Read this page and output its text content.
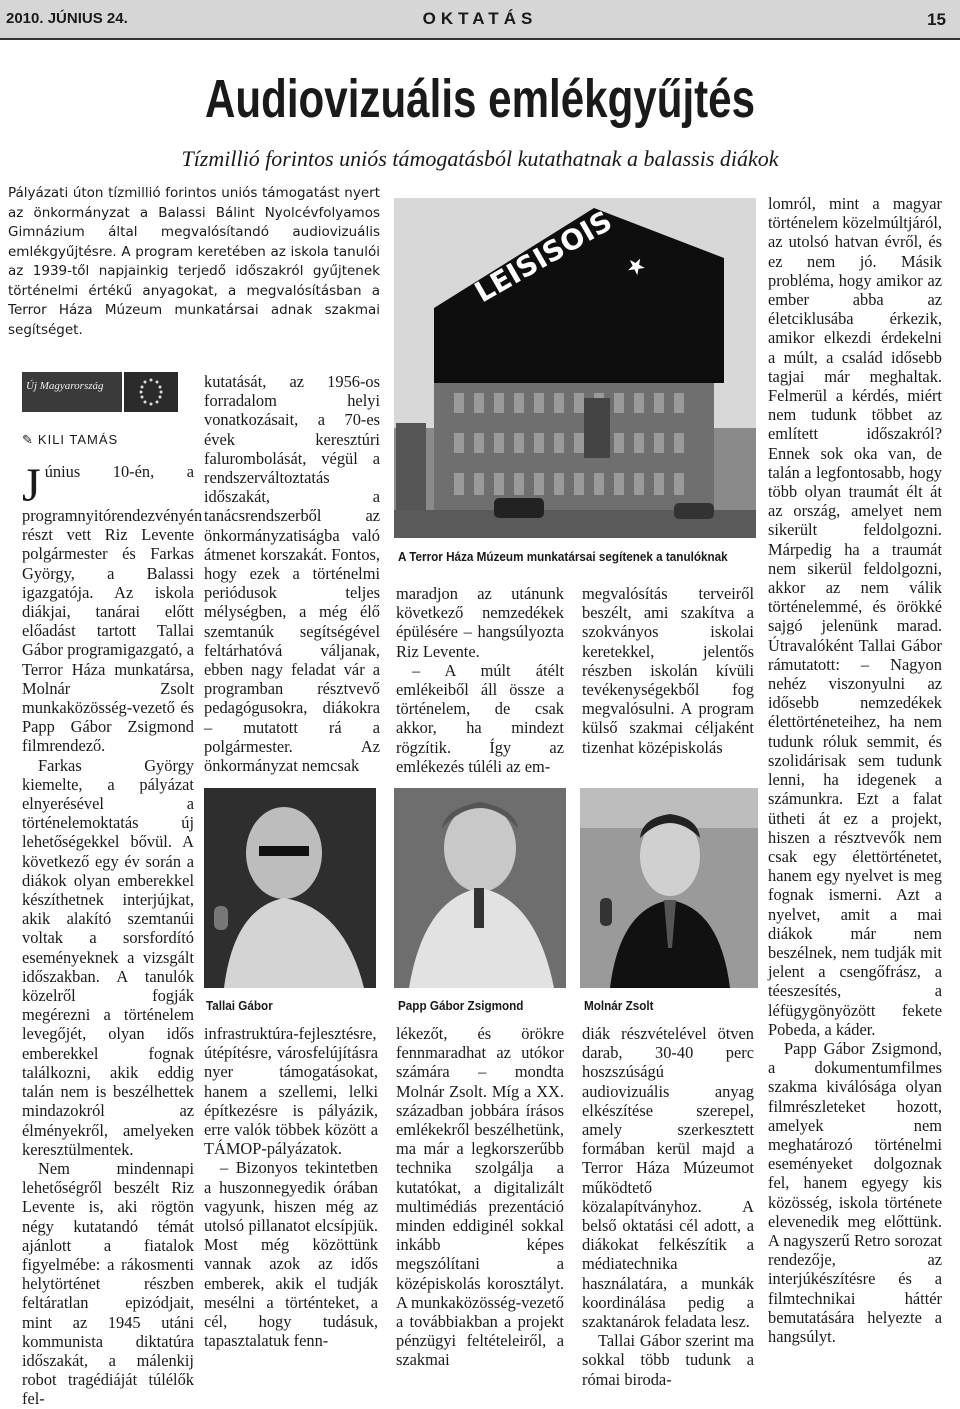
2010. JÚNIUS 24.	OKTATÁS	15
Audiovizuális emlékgyűjtés
Tízmillió forintos uniós támogatásból kutathatnak a balassis diákok
Pályázati úton tízmillió forintos uniós támogatást nyert az önkormányzat a Balassi Bálint Nyolcévfolyamos Gimnázium által megvalósítandó audiovizuális emlékgyűjtésre. A program keretében az iskola tanulói az 1939-től napjainkig terjedő időszakról gyűjtenek történelmi értékű anyagokat, a megvalósításban a Terror Háza Múzeum munkatársai adnak szakmai segítséget.
Új Magyarország
✎ KILI TAMÁS

Június 10-én, a programnyitórendezvényén részt vett Riz Levente polgármester és Farkas György, a Balassi igazgatója. Az iskola diákjai, tanárai előtt előadást tartott Tallai Gábor programigazgató, a Terror Háza munkatársa, Molnár Zsolt munkaközösség-vezető és Papp Gábor Zsigmond filmrendező.

Farkas György kiemelte, a pályázat elnyerésével a történelemoktatás új lehetőségekkel bővül. A következő egy év során a diákok olyan emberekkel készíthetnek interjújkat, akik alakító szemtanúi voltak a sorsfordító eseményeknek a vizsgált időszakban. A tanulók közelről fogják megérezni a történelem levegőjét, olyan idős emberekkel fognak találkozni, akik eddig talán nem is beszélhettek mindazokról az élményekről, amelyeken keresztülmentek.

Nem mindennapi lehetőségről beszélt Riz Levente is, aki rögtön négy kutatandó témát ajánlott a fiatalok figyelmébe: a rákosmenti helytörténet részben feltáratlan epizódjait, mint az 1945 utáni kommunista diktatúra időszakát, a málenkij robot tragédiáját túlélők fel-

kutatását, az 1956-os forradalom helyi vonatkozásait, a 70-es évek keresztúri falurombolását, végül a rendszerváltoztatás időszakát, a tanácsrendszerből az önkormányzatiságba való átmenet korszakát. Fontos, hogy ezek a történelmi periódusok teljes mélységben, a még élő szemtanúk segítségével feltárhatóvá váljanak, ebben nagy feladat vár a programban résztvevő pedagógusokra, diákokra – mutatott rá a polgármester. Az önkormányzat nemcsak

LEISISOIS ★
A Terror Háza Múzeum munkatársai segítenek a tanulóknak

maradjon az utánunk következő nemzedékek épülésére – hangsúlyozta Riz Levente.

– A múlt átélt emlékeiből áll össze a történelem, de csak akkor, ha mindezt rögzítik. Így az emlékezés túléli az em-

megvalósítás terveiről beszélt, ami szakítva a szokványos iskolai keretekkel, jelentős részben iskolán kívüli tevékenységekből fog megvalósulni. A program külső szakmai céljaként tizenhat középiskolás

Tallai Gábor	Papp Gábor Zsigmond	Molnár Zsolt

infrastruktúra-fejlesztésre, útépítésre, városfelújításra nyer támogatásokat, hanem a szellemi, lelki építkezésre is pályázik, erre valók többek között a TÁMOP-pályázatok.

– Bizonyos tekintetben a huszonnegyedik órában vagyunk, hiszen még az utolsó pillanatot elcsípjük. Most még közöttünk vannak azok az idős emberek, akik el tudják mesélni a történteket, a cél, hogy tudásuk, tapasztalatuk fenn-

lékezőt, és örökre fennmaradhat az utókor számára – mondta Molnár Zsolt. Míg a XX. században jobbára írásos emlékekről beszélhetünk, ma már a legkorszerűbb technika szolgálja a kutatókat, a digitalizált multimédiás prezentáció minden eddiginél sokkal inkább képes megszólítani a középiskolás korosztályt. A munkaközösség-vezető a továbbiakban a projekt pénzügyi feltételeiről, a szakmai

diák részvételével ötven darab, 30-40 perc hoszszúságú audiovizuális anyag elkészítése szerepel, amely szerkesztett formában kerül majd a Terror Háza Múzeumot működtető közalapítványhoz. A belső oktatási cél adott, a diákokat felkészítik a médiatechnika használatára, a munkák koordinálása pedig a szaktanárok feladata lesz.

Tallai Gábor szerint ma sokkal több tudunk a római biroda-

lomról, mint a magyar történelem közelmúltjáról, az utolsó hatvan évről, és ez nem jó. Másik probléma, hogy amikor az ember abba az életciklusába érkezik, amikor elkezdi érdekelni a múlt, a család idősebb tagjai már meghaltak. Felmerül a kérdés, miért nem tudunk többet az említett időszakról? Ennek sok oka van, de talán a legfontosabb, hogy több olyan traumát élt át az ország, amelyet nem sikerült feldolgozni. Márpedig ha a traumát nem sikerül feldolgozni, akkor az nem válik történelemmé, és örökké sajgó jelenünk marad. Útravalóként Tallai Gábor rámutatott: – Nagyon nehéz viszonyulni az idősebb nemzedékek élettörténeteihez, ha nem tudunk róluk semmit, és szolidárisak sem tudunk lenni, ha idegenek a számunkra. Ezt a falat ütheti át ez a projekt, hiszen a résztvevők nem csak egy élettörténetet, hanem egy nyelvet is meg fognak ismerni. Azt a nyelvet, amit a mai diákok már nem beszélnek, nem tudják mit jelent a csengőfrász, a téeszesítés, a léfügygönyözött fekete Pobeda, a káder.

Papp Gábor Zsigmond, a dokumentumfilmes szakma kiválósága olyan filmrészleteket hozott, amelyek nem meghatározó történelmi eseményeket dolgoznak fel, hanem egyegy kis közösség, iskola története elevenedik meg előttünk. A nagyszerű Retro sorozat rendezője, az interjúkészítésre és a filmtechnikai háttér bemutatására helyezte a hangsúlyt.
